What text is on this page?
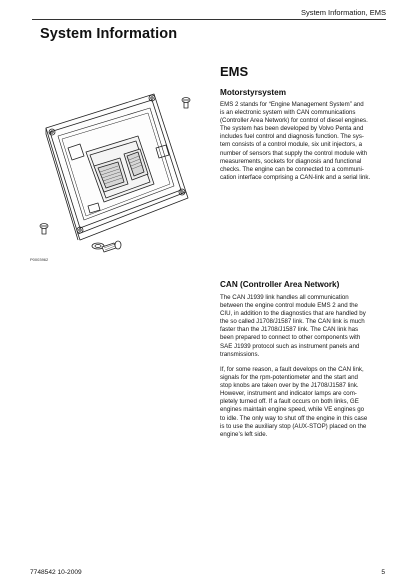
System Information, EMS
System Information
P0003962
EMS
Motorstyrsystem
EMS 2 stands for “Engine Management System” and
is an electronic system with CAN communications
(Controller Area Network) for control of diesel engines.
The system has been developed by Volvo Penta and
includes fuel control and diagnosis function. The sys-
tem consists of a control module, six unit injectors, a
number of sensors that supply the control module with
measurements, sockets for diagnosis and functional
checks. The engine can be connected to a communi-
cation interface comprising a CAN-link and a serial link.
CAN (Controller Area Network)
The CAN J1939 link handles all communication
between the engine control module EMS 2 and the
CIU, in addition to the diagnostics that are handled by
the so called J1708/J1587 link. The CAN link is much
faster than the J1708/J1587 link. The CAN link has
been prepared to connect to other components with
SAE J1939 protocol such as instrument panels and
transmissions.
If, for some reason, a fault develops on the CAN link,
signals for the rpm-potentiometer and the start and
stop knobs are taken over by the J1708/J1587 link.
However, instrument and indicator lamps are com-
pletely turned off. If a fault occurs on both links, GE
engines maintain engine speed, while VE engines go
to idle. The only way to shut off the engine in this case
is to use the auxiliary stop (AUX-STOP) placed on the
engine’s left side.
7748542 10-2009	5
